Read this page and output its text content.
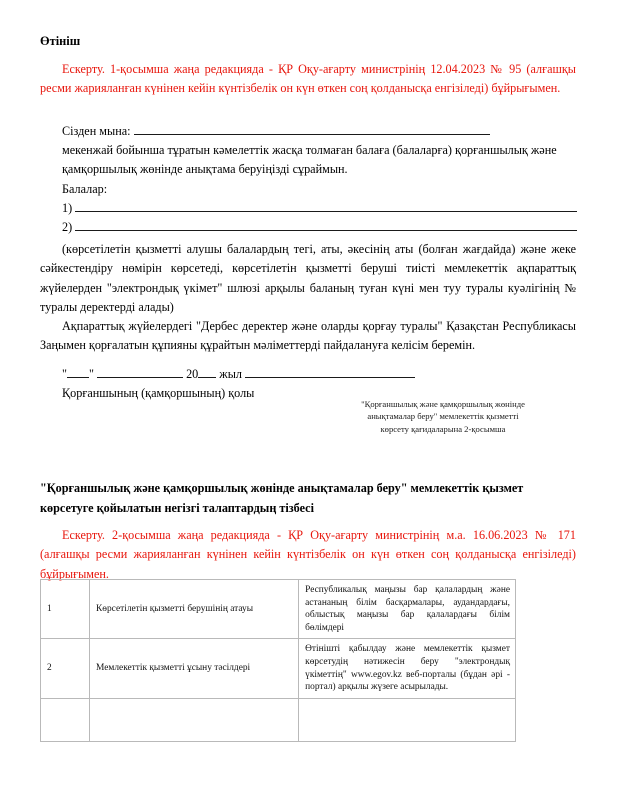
Өтініш
Ескерту. 1-қосымша жаңа редакцияда - ҚР Оқу-ағарту министрінің 12.04.2023 № 95 (алғашқы ресми жарияланған күнінен кейін күнтізбелік он күн өткен соң қолданысқа енгізіледі) бұйрығымен.
Сізден мына:
мекенжай бойынша тұратын кәмелеттік жасқа толмаған балаға (балаларға) қорғаншылық және қамқоршылық жөнінде анықтама беруіңізді сұраймын.
Балалар:
1)
2)
(көрсетілетін қызметті алушы балалардың тегі, аты, әкесінің аты (болған жағдайда) және жеке сәйкестендіру нөмірін көрсетеді, көрсетілетін қызметті беруші тиісті мемлекеттік ақпараттық жүйелерден "электрондық үкімет" шлюзі арқылы баланың туған күні мен туу туралы куәлігінің № туралы деректерді алады)
Ақпараттық жүйелердегі "Дербес деректер және оларды қорғау туралы" Қазақстан Республикасы Заңымен қорғалатын құпияны құрайтын мәліметтерді пайдалануға келісім беремін.
" "	20 жыл
Қорғаншының (қамқоршының) қолы
"Қорғаншылық және қамқоршылық жөнінде анықтамалар беру" мемлекеттік қызметті көрсету қағидаларына 2-қосымша
"Қорғаншылық және қамқоршылық жөнінде анықтамалар беру" мемлекеттік қызмет көрсетуге қойылатын негізгі талаптардың тізбесі
Ескерту. 2-қосымша жаңа редакцияда - ҚР Оқу-ағарту министрінің м.а. 16.06.2023 № 171 (алғашқы ресми жарияланған күнінен кейін күнтізбелік он күн өткен соң қолданысқа енгізіледі) бұйрығымен.
1	Көрсетілетін қызметті берушінің атауы	Республикалық маңызы бар қалалардың және астананың білім басқармалары, аудандардағы, облыстық маңызы бар қалалардағы білім бөлімдері
2	Мемлекеттік қызметті ұсыну тәсілдері	Өтінішті қабылдау және мемлекеттік қызмет көрсетудің нәтижесін беру "электрондық үкіметтің" www.egov.kz веб-порталы (бұдан әрі - портал) арқылы жүзеге асырылады.
